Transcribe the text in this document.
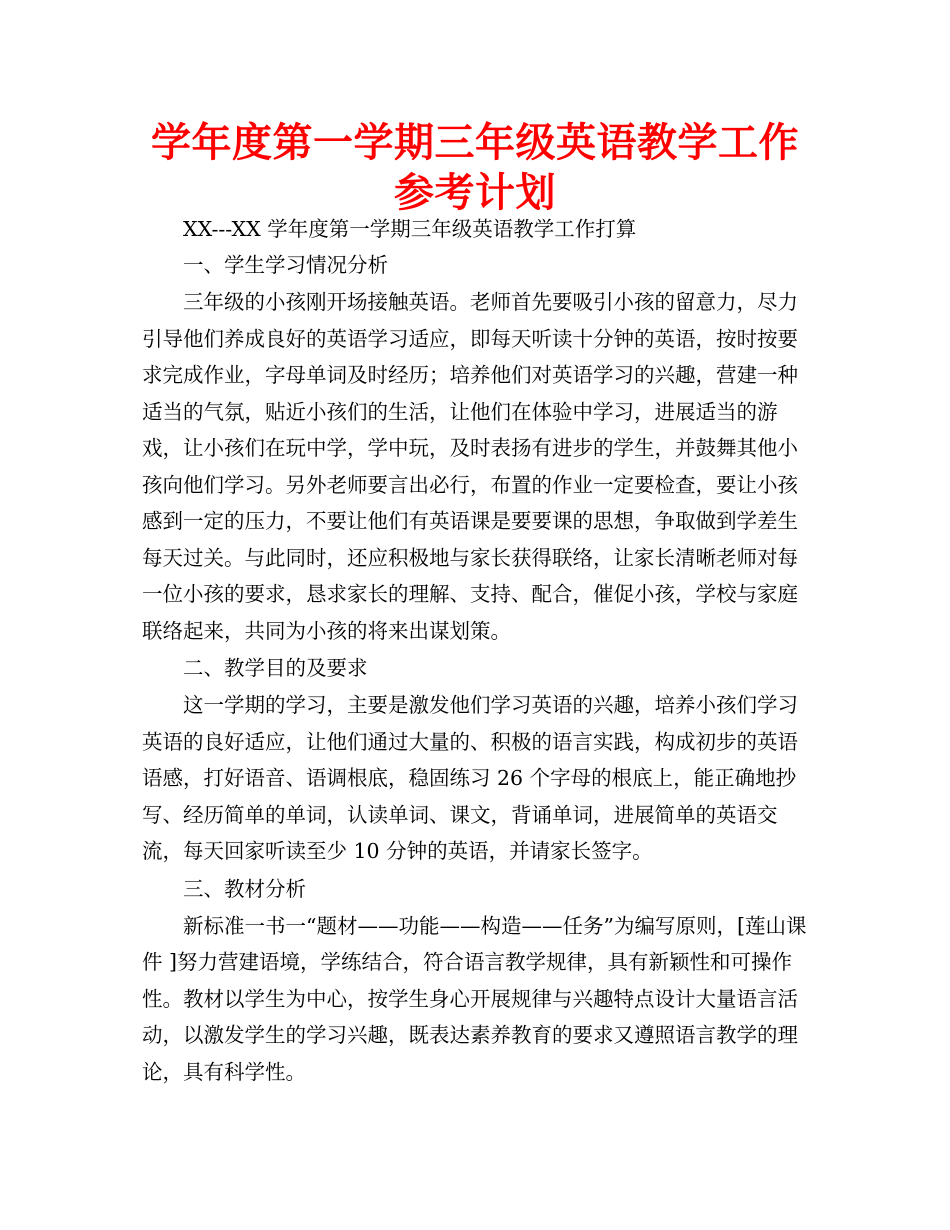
学年度第一学期三年级英语教学工作参考计划

XX---XX 学年度第一学期三年级英语教学工作打算

一、学生学习情况分析

三年级的小孩刚开场接触英语。老师首先要吸引小孩的留意力，尽力引导他们养成良好的英语学习适应，即每天听读十分钟的英语，按时按要求完成作业，字母单词及时经历；培养他们对英语学习的兴趣，营建一种适当的气氛，贴近小孩们的生活，让他们在体验中学习，进展适当的游戏，让小孩们在玩中学，学中玩，及时表扬有进步的学生，并鼓舞其他小孩向他们学习。另外老师要言出必行，布置的作业一定要检查，要让小孩感到一定的压力，不要让他们有英语课是要要课的思想，争取做到学差生每天过关。与此同时，还应积极地与家长获得联络，让家长清晰老师对每一位小孩的要求，恳求家长的理解、支持、配合，催促小孩，学校与家庭联络起来，共同为小孩的将来出谋划策。

二、教学目的及要求

这一学期的学习，主要是激发他们学习英语的兴趣，培养小孩们学习英语的良好适应，让他们通过大量的、积极的语言实践，构成初步的英语语感，打好语音、语调根底，稳固练习 26 个字母的根底上，能正确地抄写、经历简单的单词，认读单词、课文，背诵单词，进展简单的英语交流，每天回家听读至少 10 分钟的英语，并请家长签字。

三、教材分析

新标准一书一“题材——功能——构造——任务”为编写原则，[莲山课 件 ]努力营建语境，学练结合，符合语言教学规律，具有新颖性和可操作性。教材以学生为中心，按学生身心开展规律与兴趣特点设计大量语言活动，以激发学生的学习兴趣，既表达素养教育的要求又遵照语言教学的理论，具有科学性。
